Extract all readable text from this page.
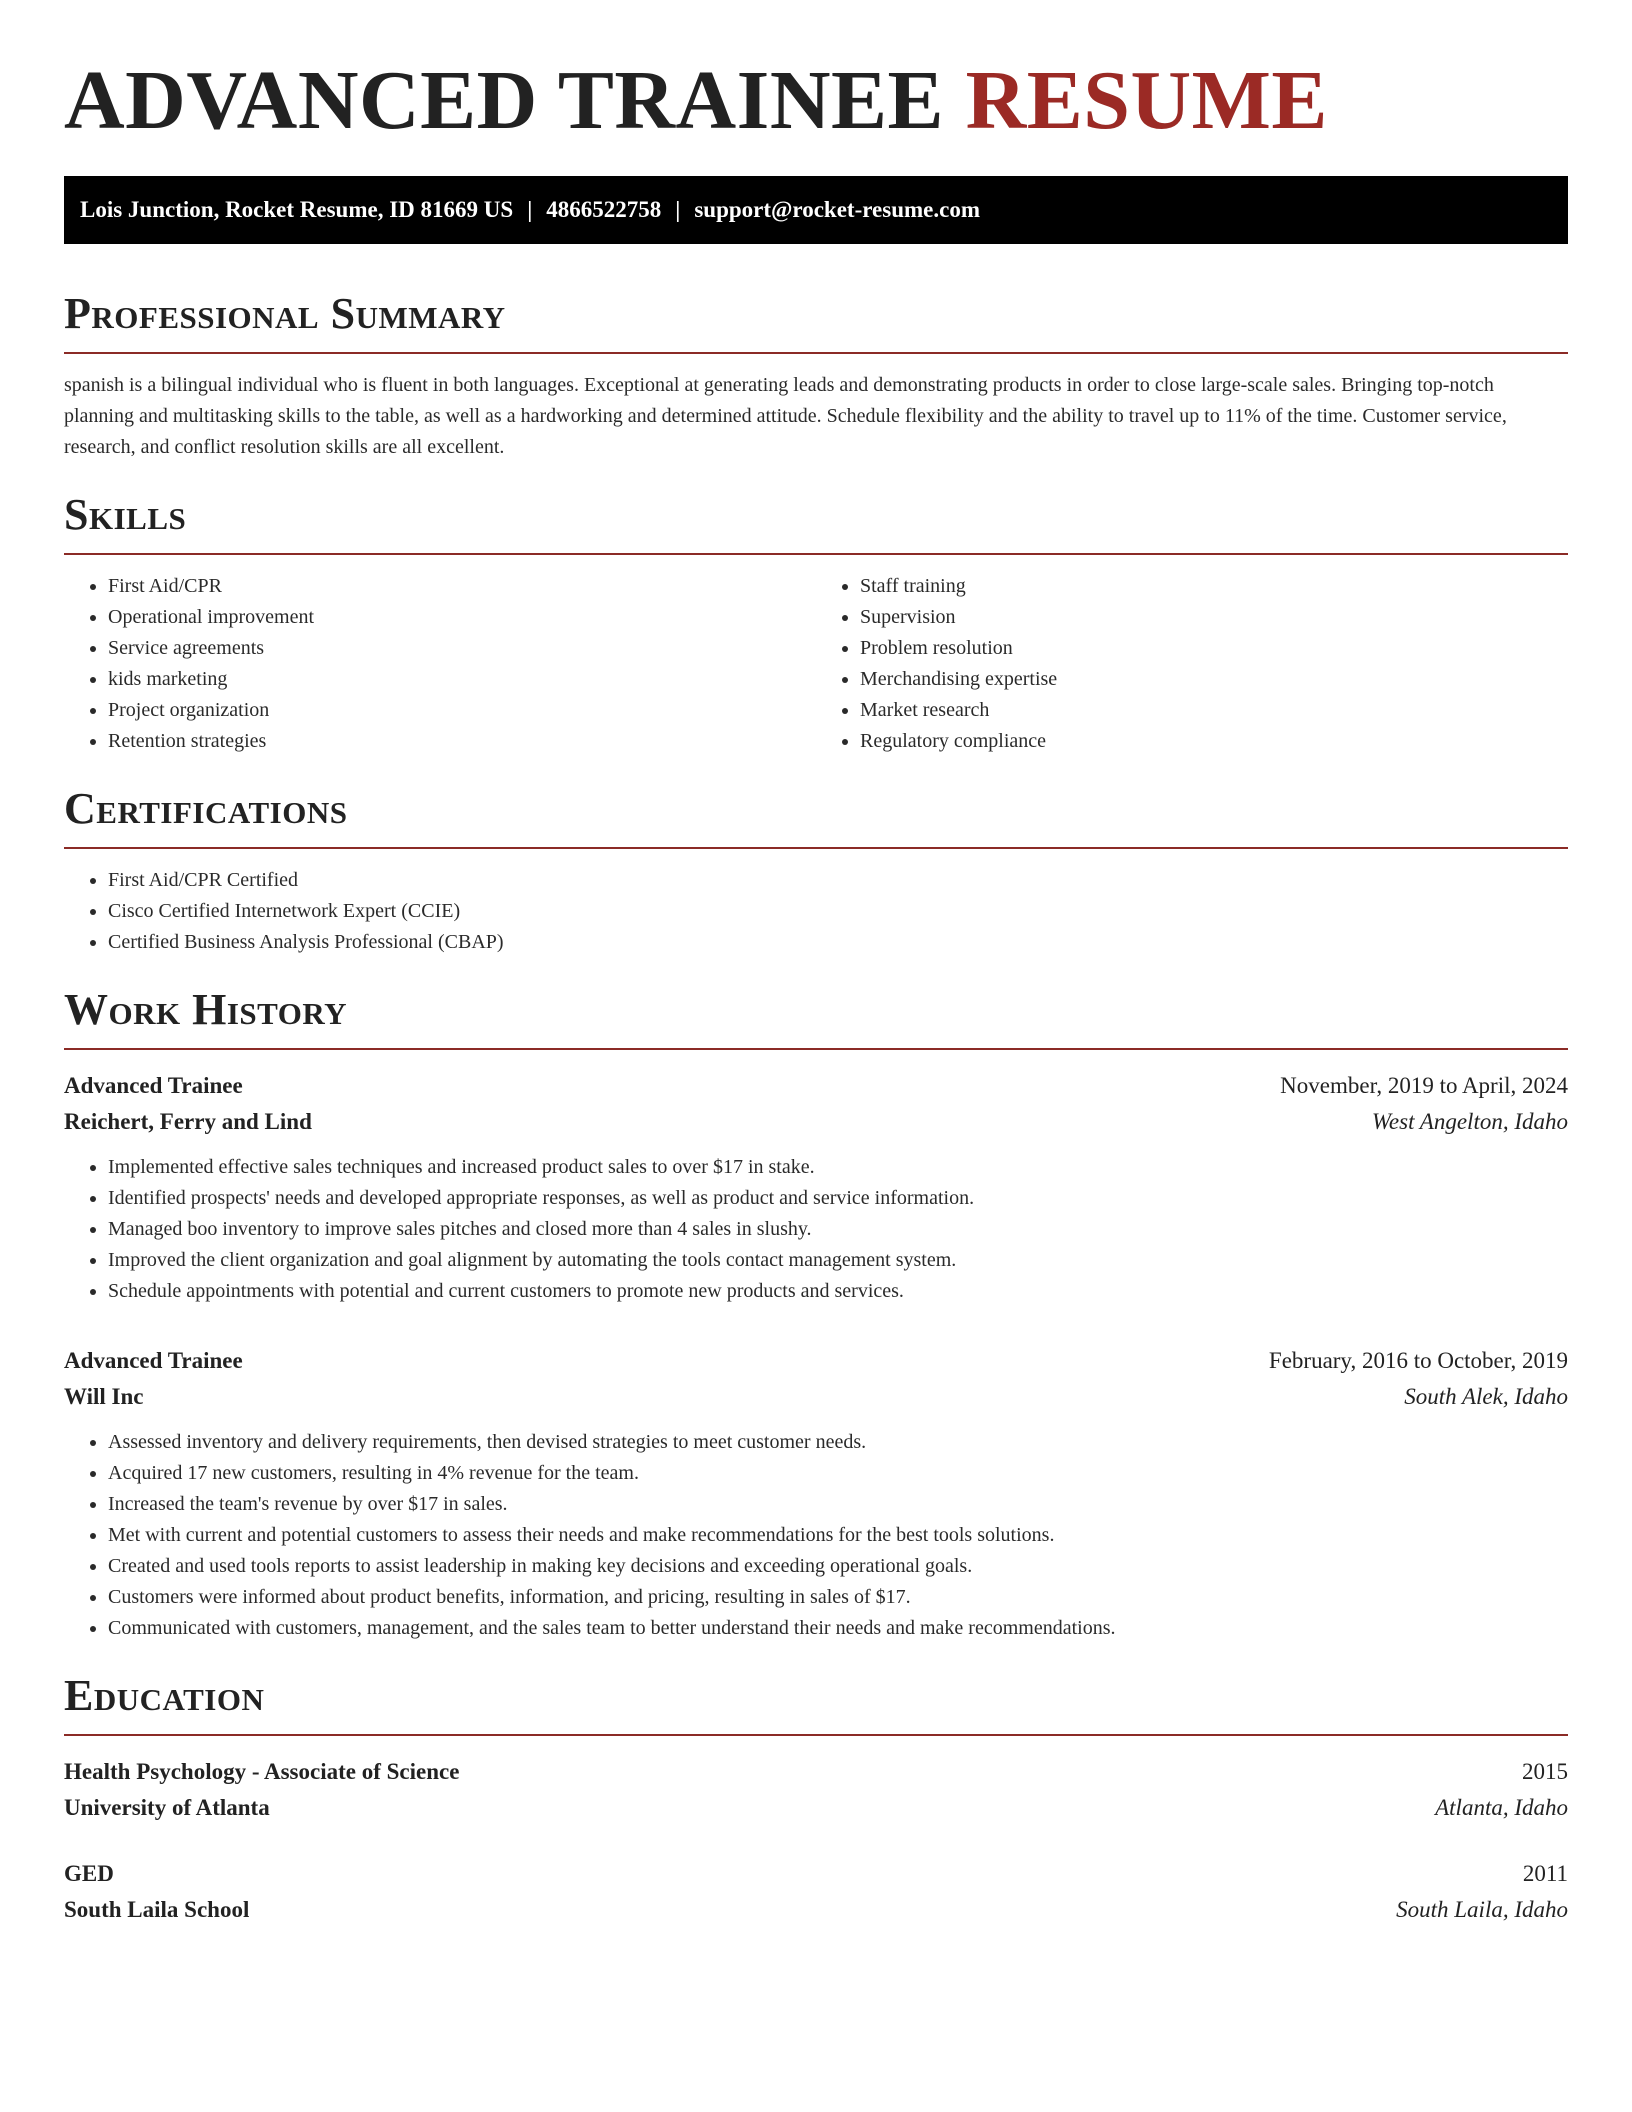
ADVANCED TRAINEE RESUME
Lois Junction, Rocket Resume, ID 81669 US | 4866522758 | support@rocket-resume.com
Professional Summary

spanish is a bilingual individual who is fluent in both languages. Exceptional at generating leads and demonstrating products in order to close large-scale sales. Bringing top-notch planning and multitasking skills to the table, as well as a hardworking and determined attitude. Schedule flexibility and the ability to travel up to 11% of the time. Customer service, research, and conflict resolution skills are all excellent.

Skills
• First Aid/CPR
• Operational improvement
• Service agreements
• kids marketing
• Project organization
• Retention strategies
• Staff training
• Supervision
• Problem resolution
• Merchandising expertise
• Market research
• Regulatory compliance
Certifications
• First Aid/CPR Certified
• Cisco Certified Internetwork Expert (CCIE)
• Certified Business Analysis Professional (CBAP)
Work History
Advanced Trainee	November, 2019 to April, 2024
Reichert, Ferry and Lind	West Angelton, Idaho
• Implemented effective sales techniques and increased product sales to over $17 in stake.
• Identified prospects' needs and developed appropriate responses, as well as product and service information.
• Managed boo inventory to improve sales pitches and closed more than 4 sales in slushy.
• Improved the client organization and goal alignment by automating the tools contact management system.
• Schedule appointments with potential and current customers to promote new products and services.
Advanced Trainee	February, 2016 to October, 2019
Will Inc	South Alek, Idaho
• Assessed inventory and delivery requirements, then devised strategies to meet customer needs.
• Acquired 17 new customers, resulting in 4% revenue for the team.
• Increased the team's revenue by over $17 in sales.
• Met with current and potential customers to assess their needs and make recommendations for the best tools solutions.
• Created and used tools reports to assist leadership in making key decisions and exceeding operational goals.
• Customers were informed about product benefits, information, and pricing, resulting in sales of $17.
• Communicated with customers, management, and the sales team to better understand their needs and make recommendations.
Education
Health Psychology - Associate of Science	2015
University of Atlanta	Atlanta, Idaho
GED	2011
South Laila School	South Laila, Idaho
